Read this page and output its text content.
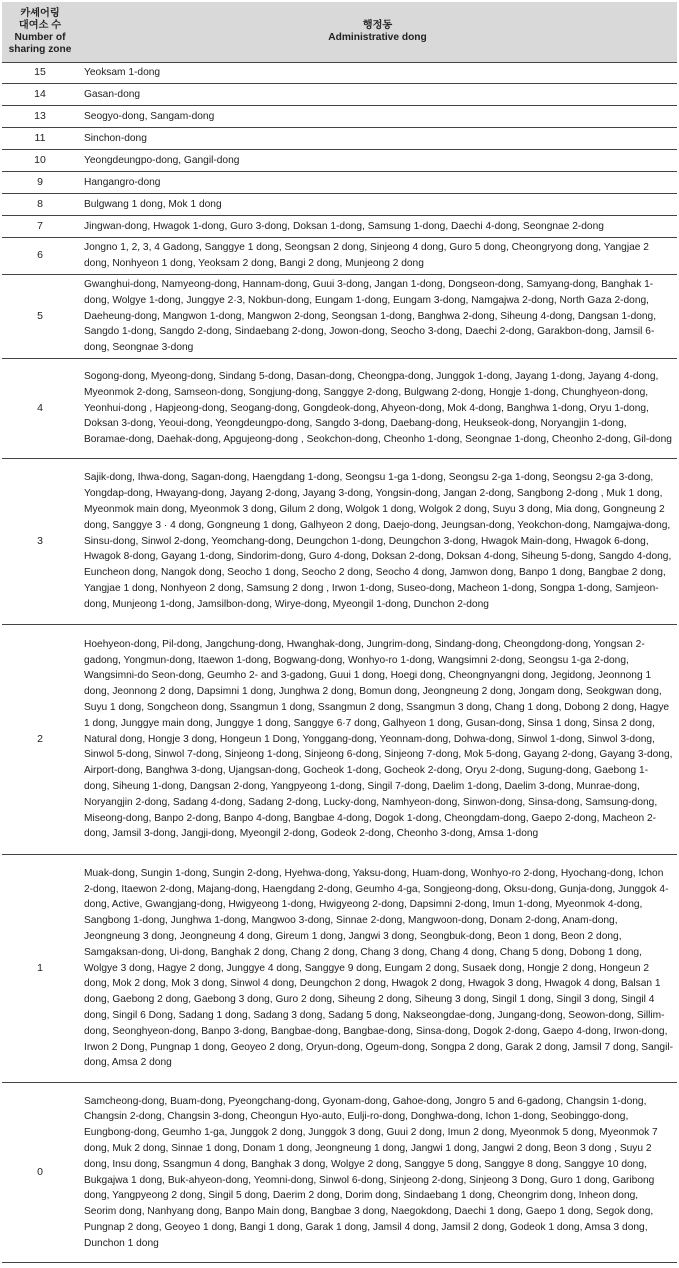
카셰어링
대여소 수
Number of
sharing zone	행정동
Administrative dong

15	Yeoksam 1-dong
14	Gasan-dong
13	Seogyo-dong, Sangam-dong
11	Sinchon-dong
10	Yeongdeungpo-dong, Gangil-dong
9	Hangangro-dong
8	Bulgwang 1 dong, Mok 1 dong
7	Jingwan-dong, Hwagok 1-dong, Guro 3-dong, Doksan 1-dong, Samsung 1-dong, Daechi 4-dong, Seongnae 2-dong
6	Jongno 1, 2, 3, 4 Gadong, Sanggye 1 dong, Seongsan 2 dong, Sinjeong 4 dong, Guro 5 dong, Cheongryong dong, Yangjae 2 dong, Nonhyeon 1 dong, Yeoksam 2 dong, Bangi 2 dong, Munjeong 2 dong
5	Gwanghui-dong, Namyeong-dong, Hannam-dong, Guui 3-dong, Jangan 1-dong, Dongseon-dong, Samyang-dong, Banghak 1-dong, Wolgye 1-dong, Junggye 2·3, Nokbun-dong, Eungam 1-dong, Eungam 3-dong, Namgajwa 2-dong, North Gaza 2-dong, Daeheung-dong, Mangwon 1-dong, Mangwon 2-dong, Seongsan 1-dong, Banghwa 2-dong, Siheung 4-dong, Dangsan 1-dong, Sangdo 1-dong, Sangdo 2-dong, Sindaebang 2-dong, Jowon-dong, Seocho 3-dong, Daechi 2-dong, Garakbon-dong, Jamsil 6-dong, Seongnae 3-dong
4	Sogong-dong, Myeong-dong, Sindang 5-dong, Dasan-dong, Cheongpa-dong, Junggok 1-dong, Jayang 1-dong, Jayang 4-dong, Myeonmok 2-dong, Samseon-dong, Songjung-dong, Sanggye 2-dong, Bulgwang 2-dong, Hongje 1-dong, Chunghyeon-dong, Yeonhui-dong , Hapjeong-dong, Seogang-dong, Gongdeok-dong, Ahyeon-dong, Mok 4-dong, Banghwa 1-dong, Oryu 1-dong, Doksan 3-dong, Yeoui-dong, Yeongdeungpo-dong, Sangdo 3-dong, Daebang-dong, Heukseok-dong, Noryangjin 1-dong, Boramae-dong, Daehak-dong, Apgujeong-dong , Seokchon-dong, Cheonho 1-dong, Seongnae 1-dong, Cheonho 2-dong, Gil-dong
3	Sajik-dong, Ihwa-dong, Sagan-dong, Haengdang 1-dong, Seongsu 1-ga 1-dong, Seongsu 2-ga 1-dong, Seongsu 2-ga 3-dong, Yongdap-dong, Hwayang-dong, Jayang 2-dong, Jayang 3-dong, Yongsin-dong, Jangan 2-dong, Sangbong 2-dong , Muk 1 dong, Myeonmok main dong, Myeonmok 3 dong, Gilum 2 dong, Wolgok 1 dong, Wolgok 2 dong, Suyu 3 dong, Mia dong, Gongneung 2 dong, Sanggye 3 · 4 dong, Gongneung 1 dong, Galhyeon 2 dong, Daejo-dong, Jeungsan-dong, Yeokchon-dong, Namgajwa-dong, Sinsu-dong, Sinwol 2-dong, Yeomchang-dong, Deungchon 1-dong, Deungchon 3-dong, Hwagok Main-dong, Hwagok 6-dong, Hwagok 8-dong, Gayang 1-dong, Sindorim-dong, Guro 4-dong, Doksan 2-dong, Doksan 4-dong, Siheung 5-dong, Sangdo 4-dong, Euncheon dong, Nangok dong, Seocho 1 dong, Seocho 2 dong, Seocho 4 dong, Jamwon dong, Banpo 1 dong, Bangbae 2 dong, Yangjae 1 dong, Nonhyeon 2 dong, Samsung 2 dong , Irwon 1-dong, Suseo-dong, Macheon 1-dong, Songpa 1-dong, Samjeon-dong, Munjeong 1-dong, Jamsilbon-dong, Wirye-dong, Myeongil 1-dong, Dunchon 2-dong
2	Hoehyeon-dong, Pil-dong, Jangchung-dong, Hwanghak-dong, Jungrim-dong, Sindang-dong, Cheongdong-dong, Yongsan 2-gadong, Yongmun-dong, Itaewon 1-dong, Bogwang-dong, Wonhyo-ro 1-dong, Wangsimni 2-dong, Seongsu 1-ga 2-dong, Wangsimni-do Seon-dong, Geumho 2- and 3-gadong, Guui 1 dong, Hoegi dong, Cheongnyangni dong, Jegidong, Jeonnong 1 dong, Jeonnong 2 dong, Dapsimni 1 dong, Junghwa 2 dong, Bomun dong, Jeongneung 2 dong, Jongam dong, Seokgwan dong, Suyu 1 dong, Songcheon dong, Ssangmun 1 dong, Ssangmun 2 dong, Ssangmun 3 dong, Chang 1 dong, Dobong 2 dong, Hagye 1 dong, Junggye main dong, Junggye 1 dong, Sanggye 6·7 dong, Galhyeon 1 dong, Gusan-dong, Sinsa 1 dong, Sinsa 2 dong, Natural dong, Hongje 3 dong, Hongeun 1 Dong, Yonggang-dong, Yeonnam-dong, Dohwa-dong, Sinwol 1-dong, Sinwol 3-dong, Sinwol 5-dong, Sinwol 7-dong, Sinjeong 1-dong, Sinjeong 6-dong, Sinjeong 7-dong, Mok 5-dong, Gayang 2-dong, Gayang 3-dong, Airport-dong, Banghwa 3-dong, Ujangsan-dong, Gocheok 1-dong, Gocheok 2-dong, Oryu 2-dong, Sugung-dong, Gaebong 1-dong, Siheung 1-dong, Dangsan 2-dong, Yangpyeong 1-dong, Singil 7-dong, Daelim 1-dong, Daelim 3-dong, Munrae-dong, Noryangjin 2-dong, Sadang 4-dong, Sadang 2-dong, Lucky-dong, Namhyeon-dong, Sinwon-dong, Sinsa-dong, Samsung-dong, Miseong-dong, Banpo 2-dong, Banpo 4-dong, Bangbae 4-dong, Dogok 1-dong, Cheongdam-dong, Gaepo 2-dong, Macheon 2-dong, Jamsil 3-dong, Jangji-dong, Myeongil 2-dong, Godeok 2-dong, Cheonho 3-dong, Amsa 1-dong
1	Muak-dong, Sungin 1-dong, Sungin 2-dong, Hyehwa-dong, Yaksu-dong, Huam-dong, Wonhyo-ro 2-dong, Hyochang-dong, Ichon 2-dong, Itaewon 2-dong, Majang-dong, Haengdang 2-dong, Geumho 4-ga, Songjeong-dong, Oksu-dong, Gunja-dong, Junggok 4-dong, Active, Gwangjang-dong, Hwigyeong 1-dong, Hwigyeong 2-dong, Dapsimni 2-dong, Imun 1-dong, Myeonmok 4-dong, Sangbong 1-dong, Junghwa 1-dong, Mangwoo 3-dong, Sinnae 2-dong, Mangwoon-dong, Donam 2-dong, Anam-dong, Jeongneung 3 dong, Jeongneung 4 dong, Gireum 1 dong, Jangwi 3 dong, Seongbuk-dong, Beon 1 dong, Beon 2 dong, Samgaksan-dong, Ui-dong, Banghak 2 dong, Chang 2 dong, Chang 3 dong, Chang 4 dong, Chang 5 dong, Dobong 1 dong, Wolgye 3 dong, Hagye 2 dong, Junggye 4 dong, Sanggye 9 dong, Eungam 2 dong, Susaek dong, Hongje 2 dong, Hongeun 2 dong, Mok 2 dong, Mok 3 dong, Sinwol 4 dong, Deungchon 2 dong, Hwagok 2 dong, Hwagok 3 dong, Hwagok 4 dong, Balsan 1 dong, Gaebong 2 dong, Gaebong 3 dong, Guro 2 dong, Siheung 2 dong, Siheung 3 dong, Singil 1 dong, Singil 3 dong, Singil 4 dong, Singil 6 Dong, Sadang 1 dong, Sadang 3 dong, Sadang 5 dong, Nakseongdae-dong, Jungang-dong, Seowon-dong, Sillim-dong, Seonghyeon-dong, Banpo 3-dong, Bangbae-dong, Bangbae-dong, Sinsa-dong, Dogok 2-dong, Gaepo 4-dong, Irwon-dong, Irwon 2 Dong, Pungnap 1 dong, Geoyeo 2 dong, Oryun-dong, Ogeum-dong, Songpa 2 dong, Garak 2 dong, Jamsil 7 dong, Sangil-dong, Amsa 2 dong
0	Samcheong-dong, Buam-dong, Pyeongchang-dong, Gyonam-dong, Gahoe-dong, Jongro 5 and 6-gadong, Changsin 1-dong, Changsin 2-dong, Changsin 3-dong, Cheongun Hyo-auto, Eulji-ro-dong, Donghwa-dong, Ichon 1-dong, Seobinggo-dong, Eungbong-dong, Geumho 1-ga, Junggok 2 dong, Junggok 3 dong, Guui 2 dong, Imun 2 dong, Myeonmok 5 dong, Myeonmok 7 dong, Muk 2 dong, Sinnae 1 dong, Donam 1 dong, Jeongneung 1 dong, Jangwi 1 dong, Jangwi 2 dong, Beon 3 dong , Suyu 2 dong, Insu dong, Ssangmun 4 dong, Banghak 3 dong, Wolgye 2 dong, Sanggye 5 dong, Sanggye 8 dong, Sanggye 10 dong, Bukgajwa 1 dong, Buk-ahyeon-dong, Yeomni-dong, Sinwol 6-dong, Sinjeong 2-dong, Sinjeong 3 Dong, Guro 1 dong, Garibong dong, Yangpyeong 2 dong, Singil 5 dong, Daerim 2 dong, Dorim dong, Sindaebang 1 dong, Cheongrim dong, Inheon dong, Seorim dong, Nanhyang dong, Banpo Main dong, Bangbae 3 dong, Naegokdong, Daechi 1 dong, Gaepo 1 dong, Segok dong, Pungnap 2 dong, Geoyeo 1 dong, Bangi 1 dong, Garak 1 dong, Jamsil 4 dong, Jamsil 2 dong, Godeok 1 dong, Amsa 3 dong, Dunchon 1 dong
